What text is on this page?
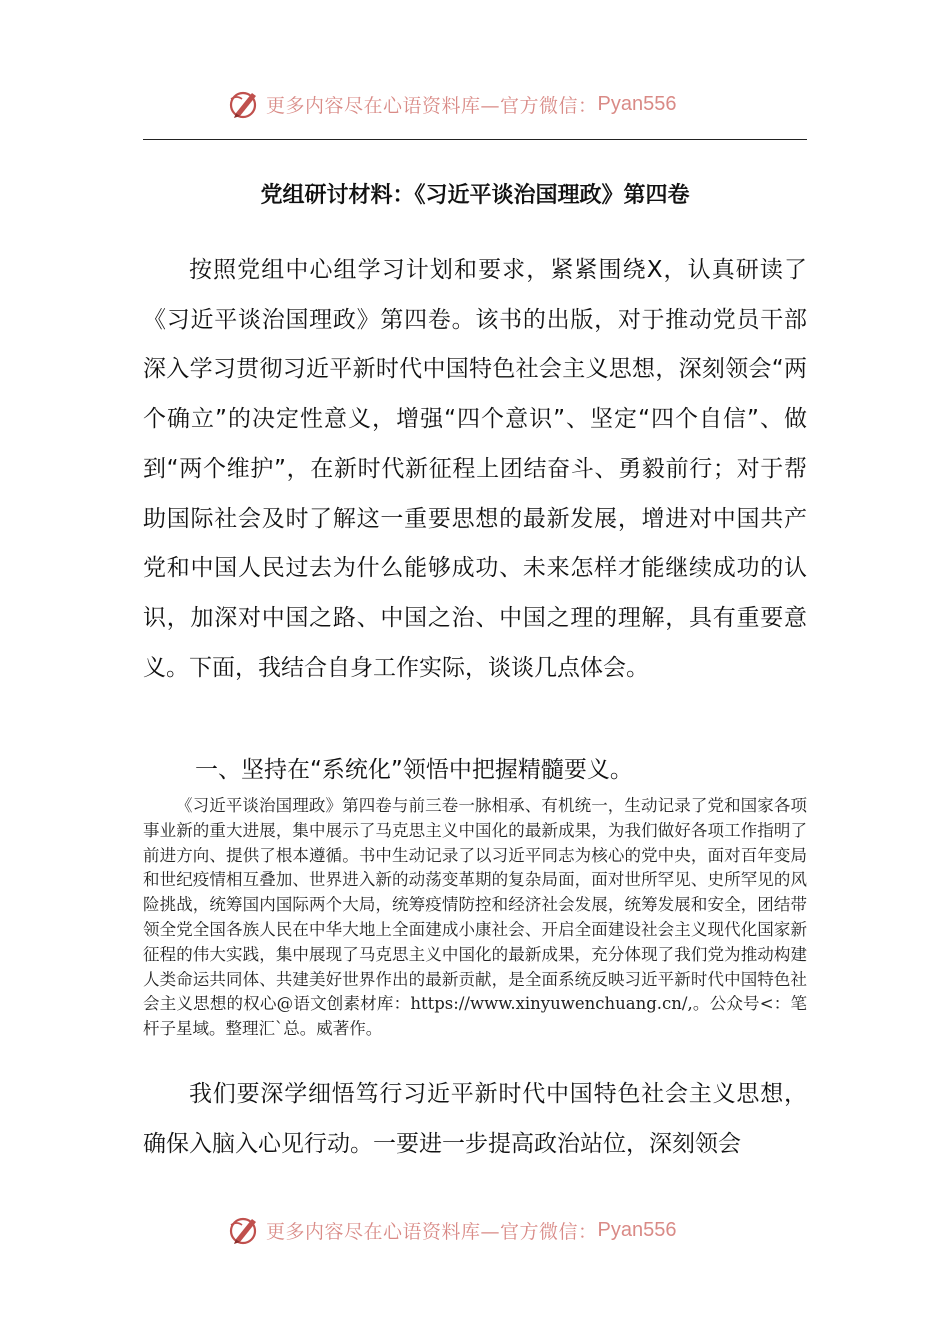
更多内容尽在心语资料库—官方微信： Pyan556
党组研讨材料：《习近平谈治国理政》第四卷

按照党组中心组学习计划和要求，紧紧围绕X，认真研读了《习近平谈治国理政》第四卷。该书的出版，对于推动党员干部深入学习贯彻习近平新时代中国特色社会主义思想，深刻领会“两个确立”的决定性意义，增强“四个意识”、坚定“四个自信”、做到“两个维护”，在新时代新征程上团结奋斗、勇毅前行；对于帮助国际社会及时了解这一重要思想的最新发展，增进对中国共产党和中国人民过去为什么能够成功、未来怎样才能继续成功的认识，加深对中国之路、中国之治、中国之理的理解，具有重要意义。下面，我结合自身工作实际，谈谈几点体会。

一、坚持在“系统化”领悟中把握精髓要义。

《习近平谈治国理政》第四卷与前三卷一脉相承、有机统一，生动记录了党和国家各项事业新的重大进展，集中展示了马克思主义中国化的最新成果，为我们做好各项工作指明了前进方向、提供了根本遵循。书中生动记录了以习近平同志为核心的党中央，面对百年变局和世纪疫情相互叠加、世界进入新的动荡变革期的复杂局面，面对世所罕见、史所罕见的风险挑战，统筹国内国际两个大局，统筹疫情防控和经济社会发展，统筹发展和安全，团结带领全党全国各族人民在中华大地上全面建成小康社会、开启全面建设社会主义现代化国家新征程的伟大实践，集中展现了马克思主义中国化的最新成果，充分体现了我们党为推动构建人类命运共同体、共建美好世界作出的最新贡献，是全面系统反映习近平新时代中国特色社会主义思想的权心@语文创素材库：https://www.xinyuwenchuang.cn/,。公众号<：笔杆子星域。整理汇`总。威著作。

我们要深学细悟笃行习近平新时代中国特色社会主义思想，确保入脑入心见行动。一要进一步提高政治站位，深刻领会

更多内容尽在心语资料库—官方微信： Pyan556
